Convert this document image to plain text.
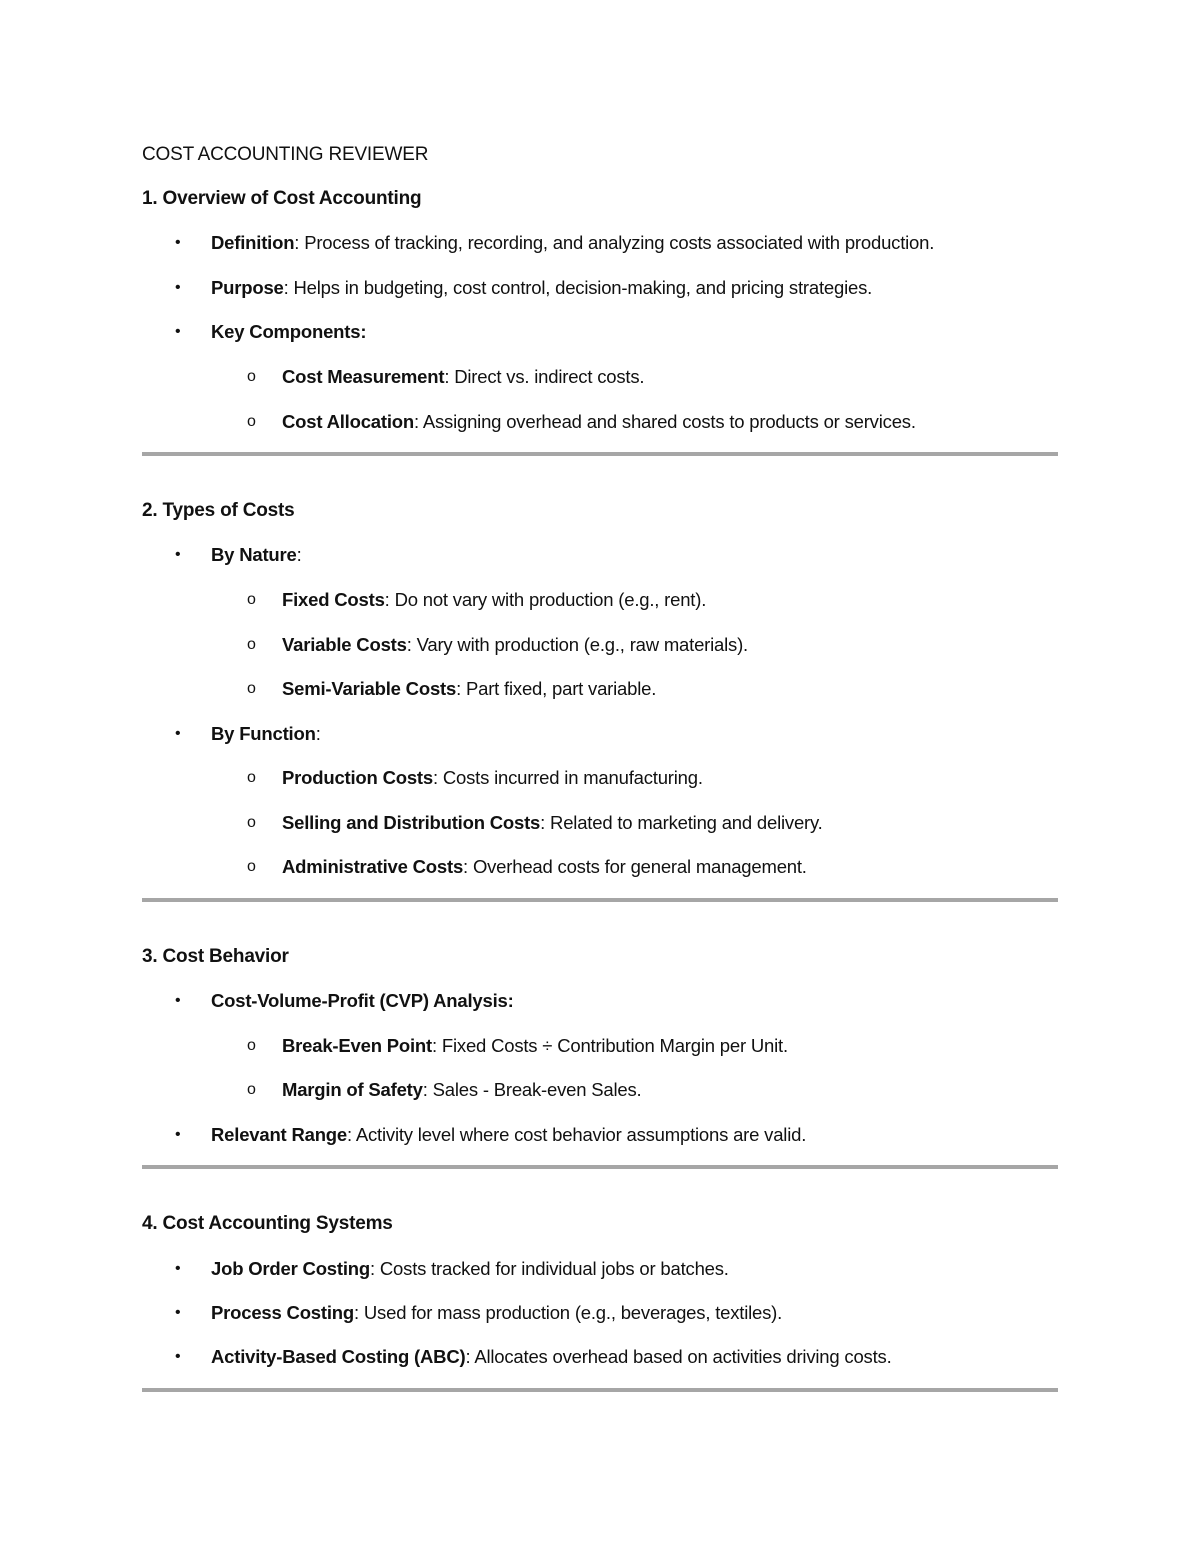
COST ACCOUNTING REVIEWER
1. Overview of Cost Accounting
• Definition: Process of tracking, recording, and analyzing costs associated with production.
• Purpose: Helps in budgeting, cost control, decision-making, and pricing strategies.
• Key Components:
o Cost Measurement: Direct vs. indirect costs.
o Cost Allocation: Assigning overhead and shared costs to products or services.
2. Types of Costs
• By Nature:
o Fixed Costs: Do not vary with production (e.g., rent).
o Variable Costs: Vary with production (e.g., raw materials).
o Semi-Variable Costs: Part fixed, part variable.
• By Function:
o Production Costs: Costs incurred in manufacturing.
o Selling and Distribution Costs: Related to marketing and delivery.
o Administrative Costs: Overhead costs for general management.
3. Cost Behavior
• Cost-Volume-Profit (CVP) Analysis:
o Break-Even Point: Fixed Costs ÷ Contribution Margin per Unit.
o Margin of Safety: Sales - Break-even Sales.
• Relevant Range: Activity level where cost behavior assumptions are valid.
4. Cost Accounting Systems
• Job Order Costing: Costs tracked for individual jobs or batches.
• Process Costing: Used for mass production (e.g., beverages, textiles).
• Activity-Based Costing (ABC): Allocates overhead based on activities driving costs.
